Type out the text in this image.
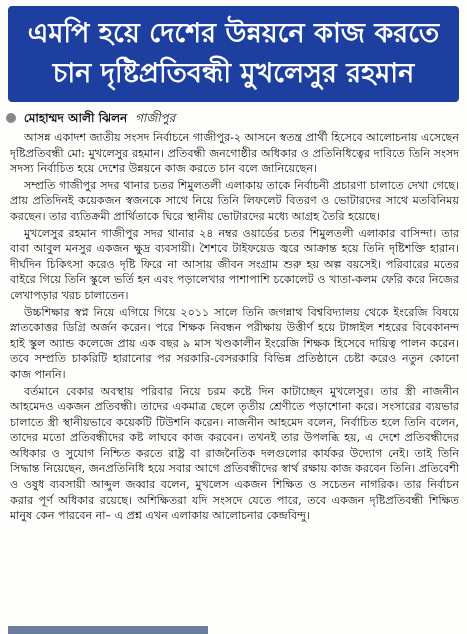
এমপি হয়ে দেশের উন্নয়নে কাজ করতে
চান দৃষ্টিপ্রতিবন্ধী মুখলেসুর রহমান
মোহাম্মদ আলী ঝিলন গাজীপুর

আসন্ন একাদশ জাতীয় সংসদ নির্বাচনে গাজীপুর-২ আসনে স্বতন্ত্র প্রার্থী হিসেবে আলোচনায় এসেছেন দৃষ্টিপ্রতিবন্ধী মো: মুখলেসুর রহমান। প্রতিবন্ধী জনগোষ্ঠীর অধিকার ও প্রতিনিধিত্বের দাবিতে তিনি সংসদ সদস্য নির্বাচিত হয়ে দেশের উন্নয়নে কাজ করতে চান বলে জানিয়েছেন।

সম্প্রতি গাজীপুর সদর থানার চতর শিমুলতলী এলাকায় তাকে নির্বাচনী প্রচারণা চালাতে দেখা গেছে। প্রায় প্রতিদিনই কয়েকজন স্বজনকে সাথে নিয়ে তিনি লিফলেট বিতরণ ও ভোটারদের সাথে মতবিনিময় করছেন। তার ব্যতিক্রমী প্রার্থিতাকে ঘিরে স্থানীয় ভোটারদের মধ্যে আগ্রহ তৈরি হয়েছে।

মুখলেসুর রহমান গাজীপুর সদর থানার ২৪ নম্বর ওয়ার্ডের চতর শিমুলতলী এলাকার বাসিন্দা। তার বাবা আবুল মনসুর একজন ক্ষুদ্র ব্যবসায়ী। শৈশবে টাইফয়েড জ্বরে আক্রান্ত হয়ে তিনি দৃষ্টিশক্তি হারান। দীর্ঘদিন চিকিৎসা করেও দৃষ্টি ফিরে না আসায় জীবন সংগ্রাম শুরু হয় অল্প বয়সেই। পরিবারের মতের বাইরে গিয়ে তিনি স্কুলে ভর্তি হন এবং পড়ালেখার পাশাপাশি চকোলেট ও খাতা-কলম ফেরি করে নিজের লেখাপড়ার খরচ চালাতেন।

উচ্চশিক্ষার স্বপ্ন নিয়ে এগিয়ে গিয়ে ২০১১ সালে তিনি জগন্নাথ বিশ্ববিদ্যালয় থেকে ইংরেজি বিষয়ে স্নাতকোত্তর ডিগ্রি অর্জন করেন। পরে শিক্ষক নিবন্ধন পরীক্ষায় উত্তীর্ণ হয়ে টাঙ্গাইল শহরের বিবেকানন্দ হাই স্কুল অ্যান্ড কলেজে প্রায় এক বছর ৯ মাস খণ্ডকালীন ইংরেজি শিক্ষক হিসেবে দায়িত্ব পালন করেন। তবে সম্প্রতি চাকরিটি হারানোর পর সরকারি-বেসরকারি বিভিন্ন প্রতিষ্ঠানে চেষ্টা করেও নতুন কোনো কাজ পাননি।

বর্তমানে বেকার অবস্থায় পরিবার নিয়ে চরম কষ্টে দিন কাটাচ্ছেন মুখলেসুর। তার স্ত্রী নাজনীন আহমেদও একজন প্রতিবন্ধী। তাদের একমাত্র ছেলে তৃতীয় শ্রেণীতে পড়াশোনা করে। সংসারের ব্যয়ভার চালাতে স্ত্রী স্থানীয়ভাবে কয়েকটি টিউশনি করেন। নাজনীন আহমেদ বলেন, নির্বাচিত হলে তিনি বলেন, তাদের মতো প্রতিবন্ধীদের কষ্ট লাঘবে কাজ করবেন। তখনই তার উপলব্ধি হয়, এ দেশে প্রতিবন্ধীদের অধিকার ও সুযোগ নিশ্চিত করতে রাষ্ট্র বা রাজনৈতিক দলগুলোর কার্যকর উদ্যোগ নেই। তাই তিনি সিদ্ধান্ত নিয়েছেন, জনপ্রতিনিধি হয়ে সবার আগে প্রতিবন্ধীদের স্বার্থ রক্ষায় কাজ করবেন তিনি। প্রতিবেশী ও ওষুধ ব্যবসায়ী আব্দুল জব্বার বলেন, মুখলেস একজন শিক্ষিত ও সচেতন নাগরিক। তার নির্বাচন করার পূর্ণ অধিকার রয়েছে। অশিক্ষিতরা যদি সংসদে যেতে পারে, তবে একজন দৃষ্টিপ্রতিবন্ধী শিক্ষিত মানুষ কেন পারবেন না– এ প্রশ্ন এখন এলাকায় আলোচনার কেন্দ্রবিন্দু।
